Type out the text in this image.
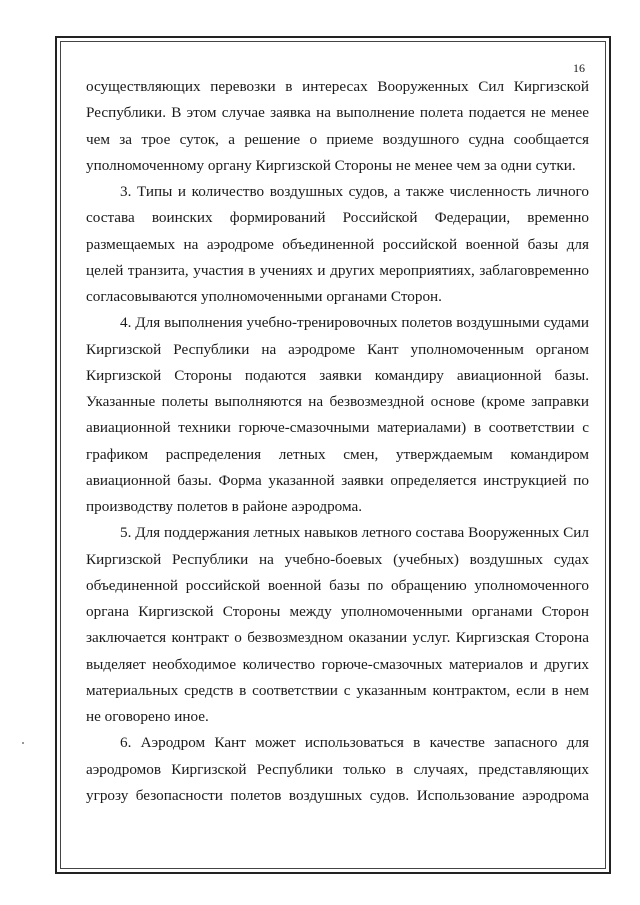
16
осуществляющих перевозки в интересах Вооруженных Сил Киргизской
Республики. В этом случае заявка на выполнение полета подается не менее
чем за трое суток, а решение о приеме воздушного судна сообщается
уполномоченному органу Киргизской Стороны не менее чем за одни сутки.
3. Типы и количество воздушных судов, а также численность личного
состава воинских формирований Российской Федерации, временно
размещаемых на аэродроме объединенной российской военной базы для
целей транзита, участия в учениях и других мероприятиях, заблаговременно
согласовываются уполномоченными органами Сторон.
4. Для выполнения учебно-тренировочных полетов воздушными судами
Киргизской Республики на аэродроме Кант уполномоченным органом
Киргизской Стороны подаются заявки командиру авиационной базы.
Указанные полеты выполняются на безвозмездной основе (кроме заправки
авиационной техники горюче-смазочными материалами) в соответствии с
графиком распределения летных смен, утверждаемым командиром
авиационной базы. Форма указанной заявки определяется инструкцией по
производству полетов в районе аэродрома.
5. Для поддержания летных навыков летного состава Вооруженных Сил
Киргизской Республики на учебно-боевых (учебных) воздушных судах
объединенной российской военной базы по обращению уполномоченного
органа Киргизской Стороны между уполномоченными органами Сторон
заключается контракт о безвозмездном оказании услуг. Киргизская Сторона
выделяет необходимое количество горюче-смазочных материалов и других
материальных средств в соответствии с указанным контрактом, если в нем
не оговорено иное.
6. Аэродром Кант может использоваться в качестве запасного для
аэродромов Киргизской Республики только в случаях, представляющих
угрозу безопасности полетов воздушных судов. Использование аэродрома
